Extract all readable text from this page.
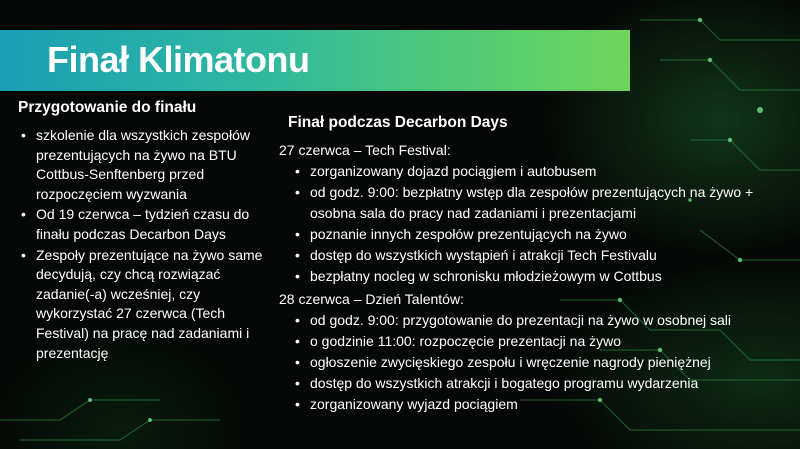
Finał Klimatonu
Przygotowanie do finału
• szkolenie dla wszystkich zespołów prezentujących na żywo na BTU Cottbus-Senftenberg przed rozpoczęciem wyzwania
• Od 19 czerwca – tydzień czasu do finału podczas Decarbon Days
• Zespoły prezentujące na żywo same decydują, czy chcą rozwiązać zadanie(-a) wcześniej, czy wykorzystać 27 czerwca (Tech Festival) na pracę nad zadaniami i prezentację
Finał podczas Decarbon Days
27 czerwca – Tech Festival:
• zorganizowany dojazd pociągiem i autobusem
• od godz. 9:00: bezpłatny wstęp dla zespołów prezentujących na żywo + osobna sala do pracy nad zadaniami i prezentacjami
• poznanie innych zespołów prezentujących na żywo
• dostęp do wszystkich wystąpień i atrakcji Tech Festivalu
• bezpłatny nocleg w schronisku młodzieżowym w Cottbus
28 czerwca – Dzień Talentów:
• od godz. 9:00: przygotowanie do prezentacji na żywo w osobnej sali
• o godzinie 11:00: rozpoczęcie prezentacji na żywo
• ogłoszenie zwycięskiego zespołu i wręczenie nagrody pieniężnej
• dostęp do wszystkich atrakcji i bogatego programu wydarzenia
• zorganizowany wyjazd pociągiem
